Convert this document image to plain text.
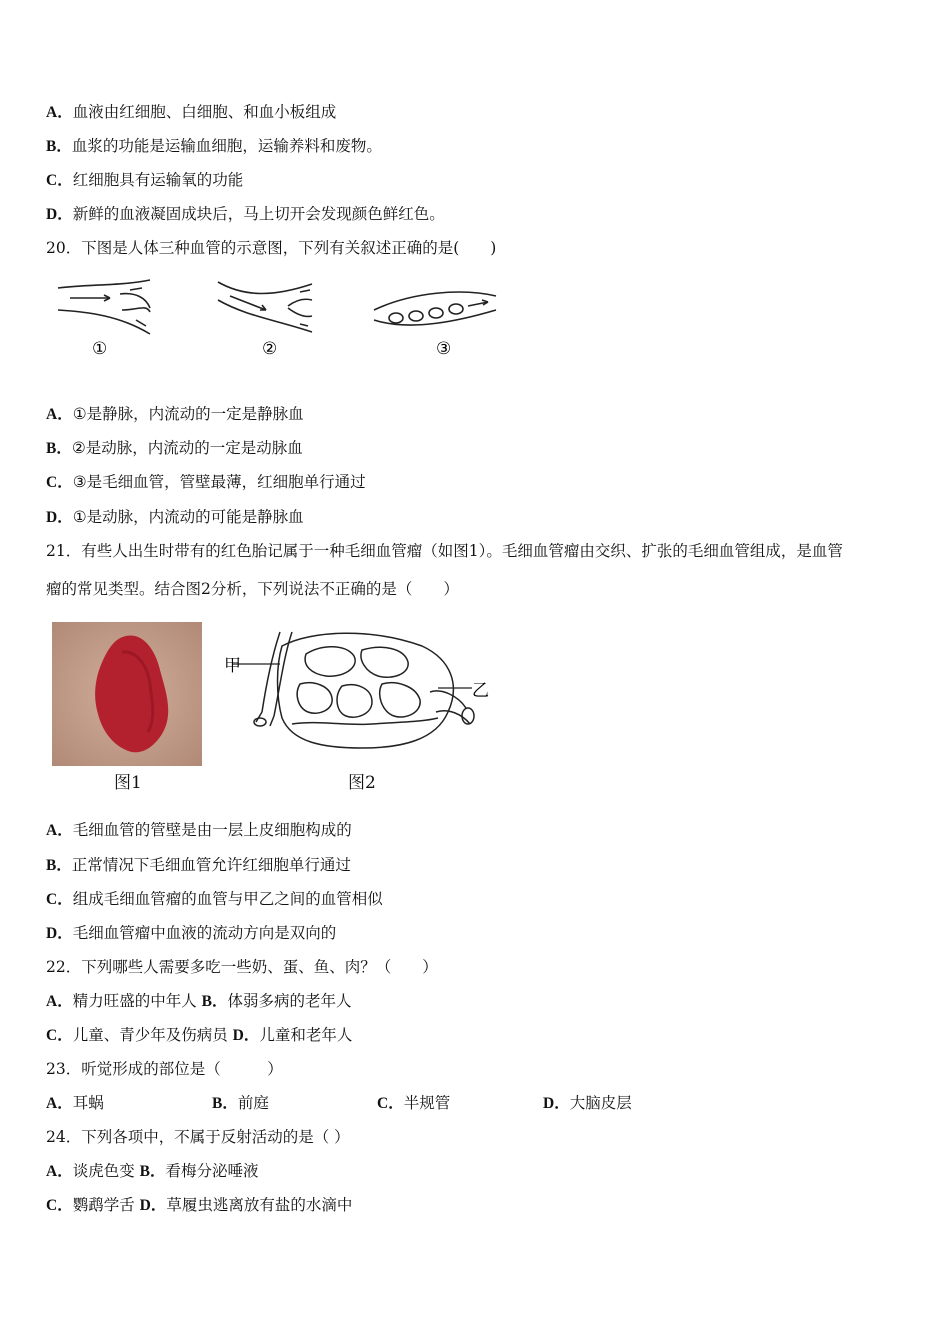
A．血液由红细胞、白细胞、和血小板组成
B．血浆的功能是运输血细胞，运输养料和废物。
C．红细胞具有运输氧的功能
D．新鲜的血液凝固成块后，马上切开会发现颜色鲜红色。
20．下图是人体三种血管的示意图，下列有关叙述正确的是(　　)
①	②	③
A．①是静脉，内流动的一定是静脉血
B．②是动脉，内流动的一定是动脉血
C．③是毛细血管，管壁最薄，红细胞单行通过
D．①是动脉，内流动的可能是静脉血
21．有些人出生时带有的红色胎记属于一种毛细血管瘤（如图1）。毛细血管瘤由交织、扩张的毛细血管组成，是血管
瘤的常见类型。结合图2分析，下列说法不正确的是（　　）
图1
甲
乙
图2
A．毛细血管的管壁是由一层上皮细胞构成的
B．正常情况下毛细血管允许红细胞单行通过
C．组成毛细血管瘤的血管与甲乙之间的血管相似
D．毛细血管瘤中血液的流动方向是双向的
22．下列哪些人需要多吃一些奶、蛋、鱼、肉？（　　）
A．精力旺盛的中年人 B．体弱多病的老年人
C．儿童、青少年及伤病员 D．儿童和老年人
23．听觉形成的部位是（　　　）
A．耳蜗	B．前庭	C．半规管	D．大脑皮层
24．下列各项中，不属于反射活动的是（ ）
A．谈虎色变 B．看梅分泌唾液
C．鹦鹉学舌 D．草履虫逃离放有盐的水滴中
